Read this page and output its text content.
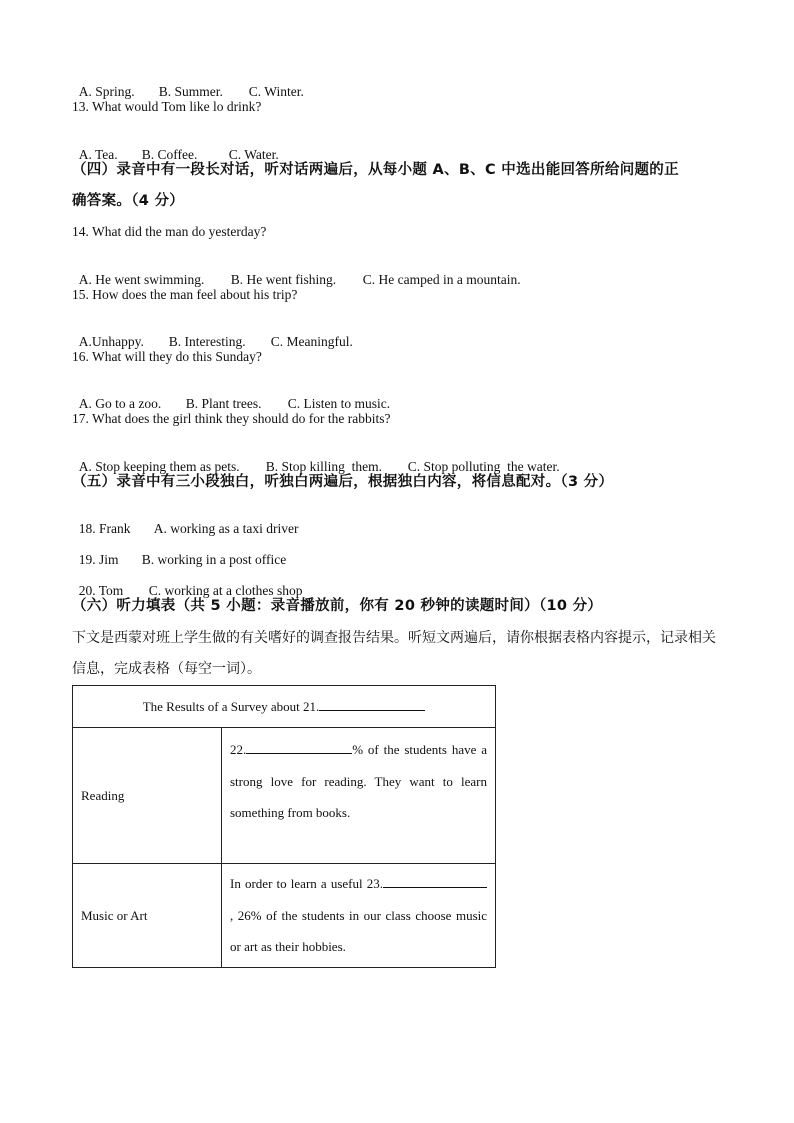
A. Spring. B. Summer. C. Winter.

13. What would Tom like lo drink?

A. Tea. B. Coffee. C. Water.

（四）录音中有一段长对话，听对话两遍后，从每小题 A、B、C 中选出能回答所给问题的正
确答案。（4 分）
14. What did the man do yesterday?

A. He went swimming. B. He went fishing. C. He camped in a mountain.

15. How does the man feel about his trip?

A.Unhappy. B. Interesting. C. Meaningful.

16. What will they do this Sunday?

A. Go to a zoo. B. Plant trees. C. Listen to music.

17. What does the girl think they should do for the rabbits?

A. Stop keeping them as pets. B. Stop killing  them. C. Stop polluting  the water.

（五）录音中有三小段独白，听独白两遍后，根据独白内容，将信息配对。（3 分）

18. Frank A. working as a taxi driver

19. Jim B. working in a post office

20. Tom C. working at a clothes shop

（六）听力填表（共 5 小题：录音播放前，你有 20 秒钟的读题时间）（10 分）
下文是西蒙对班上学生做的有关嗜好的调查报告结果。听短文两遍后，请你根据表格内容提示，记录相关
信息，完成表格（每空一词）。
The Results of a Survey about 21.	
Reading	22. % of the students have a strong love for reading. They want to learn something from books.
Music or Art	In order to learn a useful 23. , 26% of the students in our class choose music or art as their hobbies.
